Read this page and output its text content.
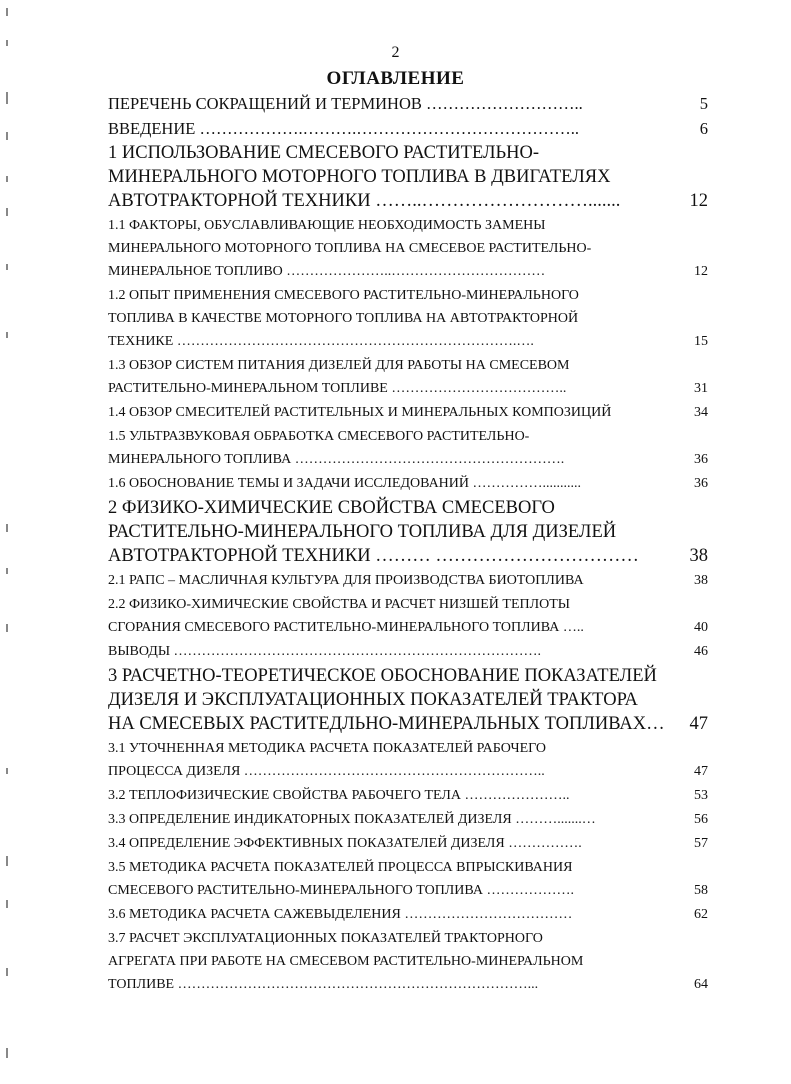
2
ОГЛАВЛЕНИЕ
ПЕРЕЧЕНЬ СОКРАЩЕНИЙ И ТЕРМИНОВ ………………………..	5
ВВЕДЕНИЕ ……………….……….…………………………………..	6
1 ИСПОЛЬЗОВАНИЕ СМЕСЕВОГО РАСТИТЕЛЬНО-
МИНЕРАЛЬНОГО МОТОРНОГО ТОПЛИВА В ДВИГАТЕЛЯХ
АВТОТРАКТОРНОЙ ТЕХНИКИ ……..……………………….......	12
1.1 ФАКТОРЫ, ОБУСЛАВЛИВАЮЩИЕ НЕОБХОДИМОСТЬ ЗАМЕНЫ
МИНЕРАЛЬНОГО МОТОРНОГО ТОПЛИВА НА СМЕСЕВОЕ РАСТИТЕЛЬНО-
МИНЕРАЛЬНОЕ ТОПЛИВО …………………..……………………………	12
1.2 ОПЫТ ПРИМЕНЕНИЯ СМЕСЕВОГО РАСТИТЕЛЬНО-МИНЕРАЛЬНОГО
ТОПЛИВА В КАЧЕСТВЕ МОТОРНОГО ТОПЛИВА НА АВТОТРАКТОРНОЙ
ТЕХНИКЕ ……………………………………………………………….….	15
1.3 ОБЗОР СИСТЕМ ПИТАНИЯ ДИЗЕЛЕЙ ДЛЯ РАБОТЫ НА СМЕСЕВОМ
РАСТИТЕЛЬНО-МИНЕРАЛЬНОМ ТОПЛИВЕ ………………………………..	31
1.4 ОБЗОР СМЕСИТЕЛЕЙ РАСТИТЕЛЬНЫХ И МИНЕРАЛЬНЫХ КОМПОЗИЦИЙ	34
1.5 УЛЬТРАЗВУКОВАЯ ОБРАБОТКА СМЕСЕВОГО РАСТИТЕЛЬНО-
МИНЕРАЛЬНОГО ТОПЛИВА ………………………………………………….	36
1.6 ОБОСНОВАНИЕ ТЕМЫ И ЗАДАЧИ ИССЛЕДОВАНИЙ ……………...........	36
2 ФИЗИКО-ХИМИЧЕСКИЕ СВОЙСТВА СМЕСЕВОГО
РАСТИТЕЛЬНО-МИНЕРАЛЬНОГО ТОПЛИВА ДЛЯ ДИЗЕЛЕЙ
АВТОТРАКТОРНОЙ ТЕХНИКИ ……… ……………………………	38
2.1 РАПС – МАСЛИЧНАЯ КУЛЬТУРА ДЛЯ ПРОИЗВОДСТВА БИОТОПЛИВА	38
2.2 ФИЗИКО-ХИМИЧЕСКИЕ СВОЙСТВА И РАСЧЕТ НИЗШЕЙ ТЕПЛОТЫ
СГОРАНИЯ СМЕСЕВОГО РАСТИТЕЛЬНО-МИНЕРАЛЬНОГО ТОПЛИВА …..	40
ВЫВОДЫ …………………………………………………………………….	46
3 РАСЧЕТНО-ТЕОРЕТИЧЕСКОЕ ОБОСНОВАНИЕ ПОКАЗАТЕЛЕЙ
ДИЗЕЛЯ И ЭКСПЛУАТАЦИОННЫХ ПОКАЗАТЕЛЕЙ ТРАКТОРА
НА СМЕСЕВЫХ РАСТИТЕДЛЬНО-МИНЕРАЛЬНЫХ ТОПЛИВАХ…	47
3.1 УТОЧНЕННАЯ МЕТОДИКА РАСЧЕТА ПОКАЗАТЕЛЕЙ РАБОЧЕГО
ПРОЦЕССА ДИЗЕЛЯ ………………………………………………………..	47
3.2 ТЕПЛОФИЗИЧЕСКИЕ СВОЙСТВА РАБОЧЕГО ТЕЛА …………………..	53
3.3 ОПРЕДЕЛЕНИЕ ИНДИКАТОРНЫХ ПОКАЗАТЕЛЕЙ ДИЗЕЛЯ ……….......…	56
3.4 ОПРЕДЕЛЕНИЕ ЭФФЕКТИВНЫХ ПОКАЗАТЕЛЕЙ ДИЗЕЛЯ …………….	57
3.5 МЕТОДИКА РАСЧЕТА ПОКАЗАТЕЛЕЙ ПРОЦЕССА ВПРЫСКИВАНИЯ
СМЕСЕВОГО РАСТИТЕЛЬНО-МИНЕРАЛЬНОГО ТОПЛИВА ……………….	58
3.6 МЕТОДИКА РАСЧЕТА САЖЕВЫДЕЛЕНИЯ ………………………………	62
3.7 РАСЧЕТ ЭКСПЛУАТАЦИОННЫХ ПОКАЗАТЕЛЕЙ ТРАКТОРНОГО
АГРЕГАТА ПРИ РАБОТЕ НА СМЕСЕВОМ РАСТИТЕЛЬНО-МИНЕРАЛЬНОМ
ТОПЛИВЕ …………………………………………………………………...	64
